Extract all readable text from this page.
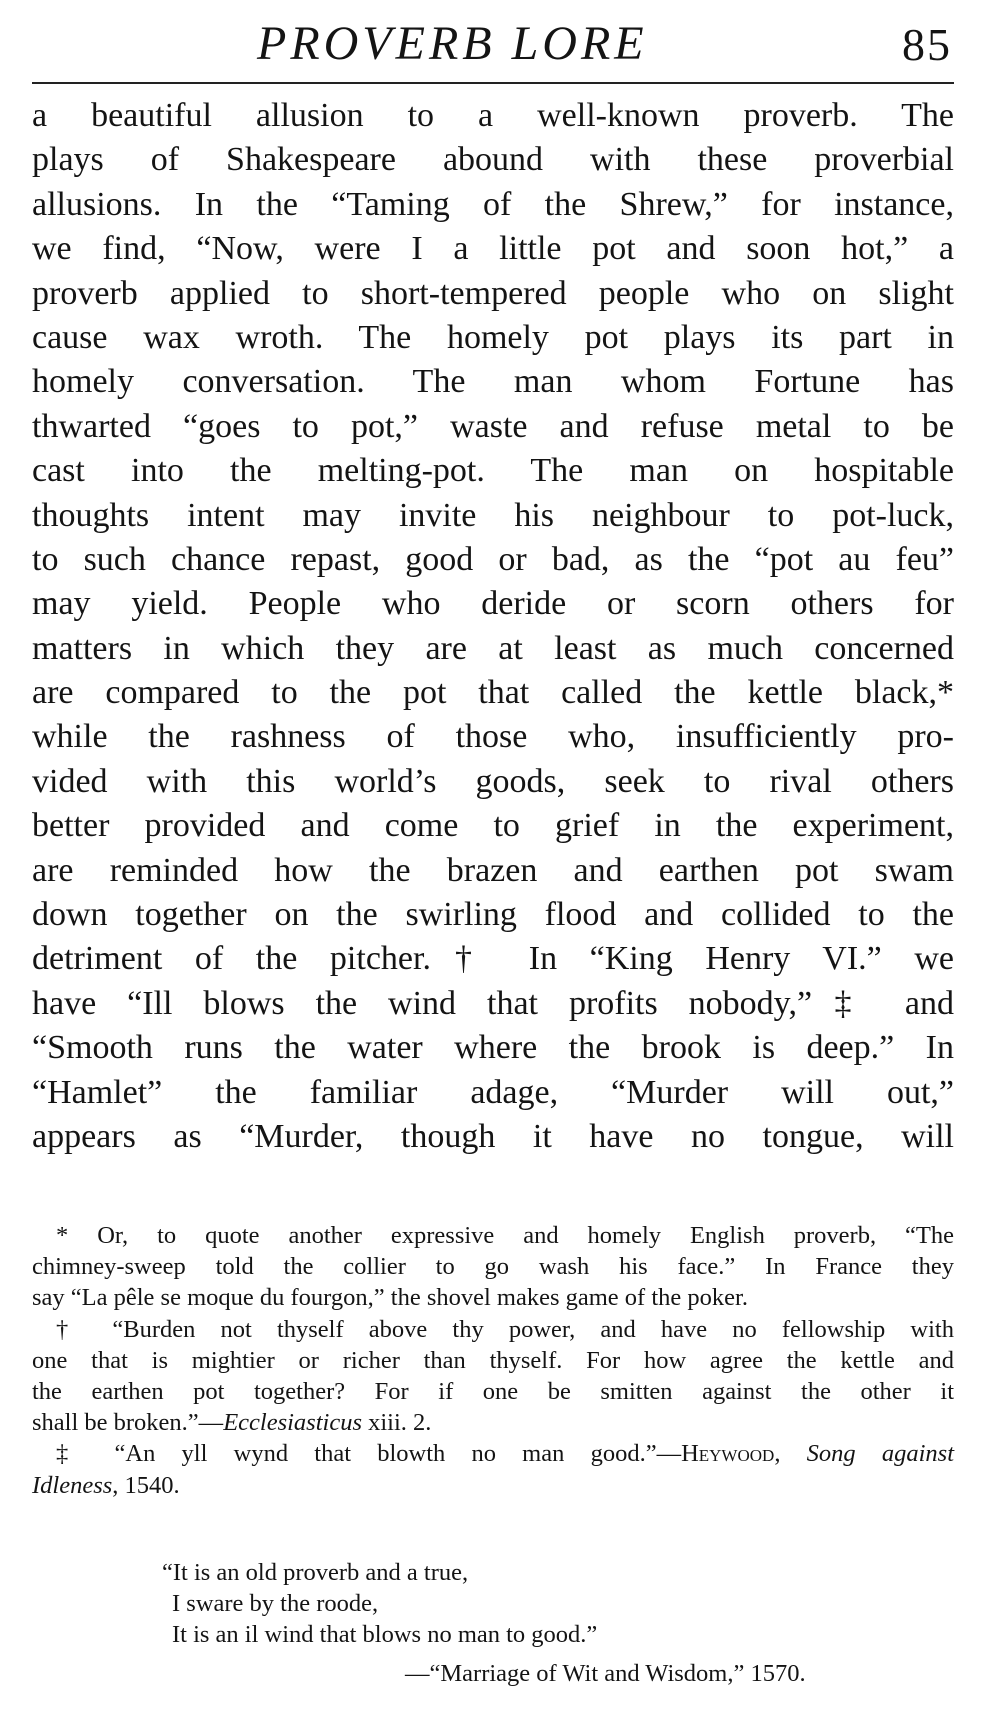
PROVERB LORE	85
a beautiful allusion to a well-known proverb. The
plays of Shakespeare abound with these proverbial
allusions. In the “Taming of the Shrew,” for instance,
we find, “Now, were I a little pot and soon hot,” a
proverb applied to short-tempered people who on slight
cause wax wroth. The homely pot plays its part in
homely conversation. The man whom Fortune has
thwarted “goes to pot,” waste and refuse metal to be
cast into the melting-pot. The man on hospitable
thoughts intent may invite his neighbour to pot-luck,
to such chance repast, good or bad, as the “pot au feu”
may yield. People who deride or scorn others for
matters in which they are at least as much concerned
are compared to the pot that called the kettle black,*
while the rashness of those who, insufficiently pro-
vided with this world’s goods, seek to rival others
better provided and come to grief in the experiment,
are reminded how the brazen and earthen pot swam
down together on the swirling flood and collided to the
detriment of the pitcher.† In “King Henry VI.” we
have “Ill blows the wind that profits nobody,”‡ and
“Smooth runs the water where the brook is deep.” In
“Hamlet” the familiar adage, “Murder will out,”
appears as “Murder, though it have no tongue, will
* Or, to quote another expressive and homely English proverb, “The
chimney-sweep told the collier to go wash his face.” In France they
say “La pêle se moque du fourgon,” the shovel makes game of the poker.
† “Burden not thyself above thy power, and have no fellowship with
one that is mightier or richer than thyself. For how agree the kettle and
the earthen pot together? For if one be smitten against the other it
shall be broken.”—Ecclesiasticus xiii. 2.
‡ “An yll wynd that blowth no man good.”—Heywood, Song against
Idleness, 1540.
“It is an old proverb and a true,
I sware by the roode,
It is an il wind that blows no man to good.”
—“Marriage of Wit and Wisdom,” 1570.
